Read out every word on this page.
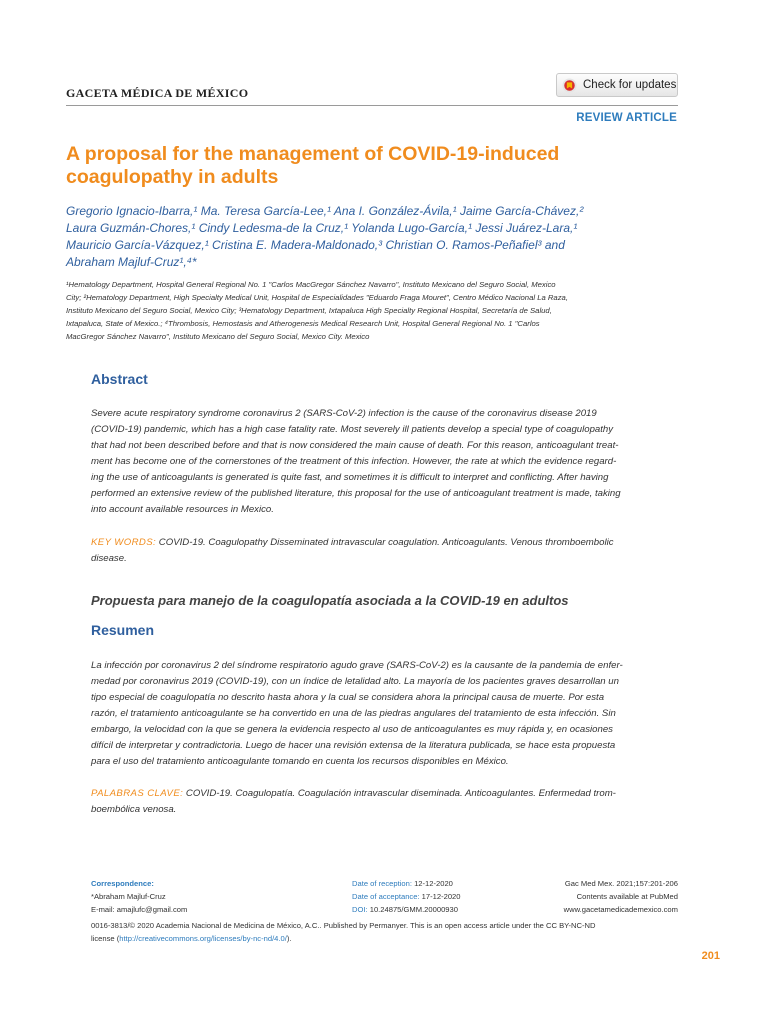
GACETA MÉDICA DE MÉXICO
Check for updates
REVIEW ARTICLE
A proposal for the management of COVID-19-induced
coagulopathy in adults
Gregorio Ignacio-Ibarra,¹ Ma. Teresa García-Lee,¹ Ana I. González-Ávila,¹ Jaime García-Chávez,²
Laura Guzmán-Chores,¹ Cindy Ledesma-de la Cruz,¹ Yolanda Lugo-García,¹ Jessi Juárez-Lara,¹
Mauricio García-Vázquez,¹ Cristina E. Madera-Maldonado,³ Christian O. Ramos-Peñafiel³ and
Abraham Majluf-Cruz¹,⁴*
¹Hematology Department, Hospital General Regional No. 1 "Carlos MacGregor Sánchez Navarro", Instituto Mexicano del Seguro Social, Mexico
City; ²Hematology Department, High Specialty Medical Unit, Hospital de Especialidades "Eduardo Fraga Mouret", Centro Médico Nacional La Raza,
Instituto Mexicano del Seguro Social, Mexico City; ³Hematology Department, Ixtapaluca High Specialty Regional Hospital, Secretaría de Salud,
Ixtapaluca, State of Mexico.; ⁴Thrombosis, Hemostasis and Atherogenesis Medical Research Unit, Hospital General Regional No. 1 "Carlos
MacGregor Sánchez Navarro", Instituto Mexicano del Seguro Social, Mexico City. Mexico
Abstract
Severe acute respiratory syndrome coronavirus 2 (SARS-CoV-2) infection is the cause of the coronavirus disease 2019
(COVID-19) pandemic, which has a high case fatality rate. Most severely ill patients develop a special type of coagulopathy
that had not been described before and that is now considered the main cause of death. For this reason, anticoagulant treat-
ment has become one of the cornerstones of the treatment of this infection. However, the rate at which the evidence regard-
ing the use of anticoagulants is generated is quite fast, and sometimes it is difficult to interpret and conflicting. After having
performed an extensive review of the published literature, this proposal for the use of anticoagulant treatment is made, taking
into account available resources in Mexico.
KEY WORDS: COVID-19. Coagulopathy Disseminated intravascular coagulation. Anticoagulants. Venous thromboembolic
disease.
Propuesta para manejo de la coagulopatía asociada a la COVID-19 en adultos
Resumen
La infección por coronavirus 2 del síndrome respiratorio agudo grave (SARS-CoV-2) es la causante de la pandemia de enfer-
medad por coronavirus 2019 (COVID-19), con un índice de letalidad alto. La mayoría de los pacientes graves desarrollan un
tipo especial de coagulopatía no descrito hasta ahora y la cual se considera ahora la principal causa de muerte. Por esta
razón, el tratamiento anticoagulante se ha convertido en una de las piedras angulares del tratamiento de esta infección. Sin
embargo, la velocidad con la que se genera la evidencia respecto al uso de anticoagulantes es muy rápida y, en ocasiones
difícil de interpretar y contradictoria. Luego de hacer una revisión extensa de la literatura publicada, se hace esta propuesta
para el uso del tratamiento anticoagulante tomando en cuenta los recursos disponibles en México.
PALABRAS CLAVE: COVID-19. Coagulopatía. Coagulación intravascular diseminada. Anticoagulantes. Enfermedad trom-
boembólica venosa.
Correspondence:
*Abraham Majluf-Cruz
E-mail: amajlufc@gmail.com
Date of reception: 12-12-2020
Date of acceptance: 17-12-2020
DOI: 10.24875/GMM.20000930
Gac Med Mex. 2021;157:201-206
Contents available at PubMed
www.gacetamedicademexico.com
0016-3813/© 2020 Academia Nacional de Medicina de México, A.C.. Published by Permanyer. This is an open access article under the CC BY-NC-ND
license (http://creativecommons.org/licenses/by-nc-nd/4.0/).
201
